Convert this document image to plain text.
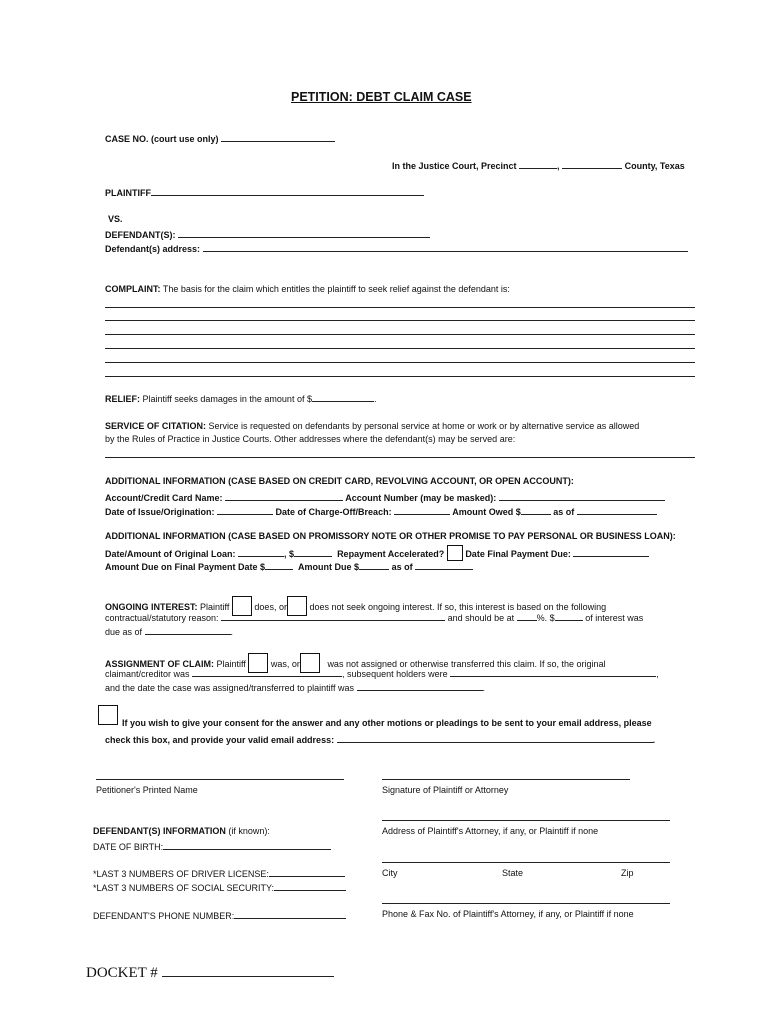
PETITION: DEBT CLAIM CASE
CASE NO. (court use only)
In the Justice Court, Precinct	,	County, Texas
PLAINTIFF
VS.
DEFENDANT(S):
Defendant(s) address:
COMPLAINT: The basis for the claim which entitles the plaintiff to seek relief against the defendant is:
RELIEF: Plaintiff seeks damages in the amount of $	.
SERVICE OF CITATION: Service is requested on defendants by personal service at home or work or by alternative service as allowed
by the Rules of Practice in Justice Courts. Other addresses where the defendant(s) may be served are:
ADDITIONAL INFORMATION (CASE BASED ON CREDIT CARD, REVOLVING ACCOUNT, OR OPEN ACCOUNT):
Account/Credit Card Name:	Account Number (may be masked):
Date of Issue/Origination:	Date of Charge-Off/Breach:	Amount Owed $	as of
ADDITIONAL INFORMATION (CASE BASED ON PROMISSORY NOTE OR OTHER PROMISE TO PAY PERSONAL OR BUSINESS LOAN):
Date/Amount of Original Loan:	, $	Repayment Accelerated? Date Final Payment Due:
Amount Due on Final Payment Date $	Amount Due $	as of
ONGOING INTEREST: Plaintiff	does, or	does not seek ongoing interest. If so, this interest is based on the following
contractual/statutory reason:	and should be at	%. $	of interest was
due as of	.
ASSIGNMENT OF CLAIM: Plaintiff	was, or	was not assigned or otherwise transferred this claim. If so, the original
claimant/creditor was	, subsequent holders were	,
and the date the case was assigned/transferred to plaintiff was	.
If you wish to give your consent for the answer and any other motions or pleadings to be sent to your email address, please
check this box, and provide your valid email address:	.
Petitioner's Printed Name	Signature of Plaintiff or Attorney
DEFENDANT(S) INFORMATION (if known):
DATE OF BIRTH:
Address of Plaintiff's Attorney, if any, or Plaintiff if none
*LAST 3 NUMBERS OF DRIVER LICENSE:
*LAST 3 NUMBERS OF SOCIAL SECURITY:
City	State	Zip
DEFENDANT'S PHONE NUMBER:	Phone & Fax No. of Plaintiff's Attorney, if any, or Plaintiff if none
DOCKET #
